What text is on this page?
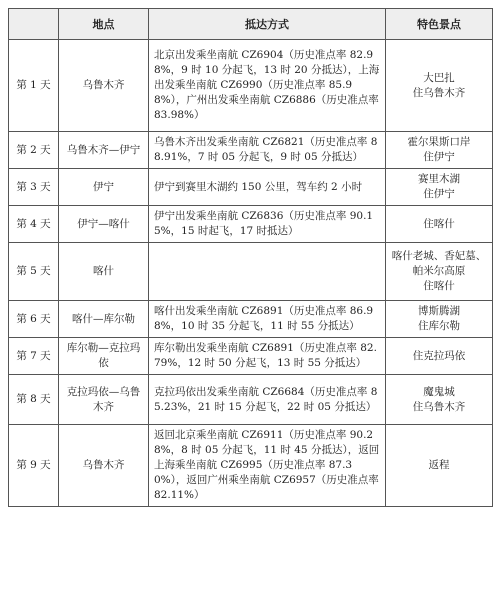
	地点	抵达方式	特色景点
第 1 天	乌鲁木齐	北京出发乘坐南航 CZ6904（历史准点率 82.98%，9 时 10 分起飞，13 时 20 分抵达），上海出发乘坐南航 CZ6990（历史准点率 85.98%），广州出发乘坐南航 CZ6886（历史准点率 83.98%）	大巴扎
住乌鲁木齐

第 2 天	乌鲁木齐—伊宁	乌鲁木齐出发乘坐南航 CZ6821（历史准点率 88.91%，7 时 05 分起飞，9 时 05 分抵达）	霍尔果斯口岸
住伊宁

第 3 天	伊宁	伊宁到赛里木湖约 150 公里，驾车约 2 小时	赛里木湖
住伊宁

第 4 天	伊宁—喀什	伊宁出发乘坐南航 CZ6836（历史准点率 90.15%，15 时起飞，17 时抵达）	住喀什

第 5 天	喀什		喀什老城、香妃墓、帕米尔高原
住喀什

第 6 天	喀什—库尔勒	喀什出发乘坐南航 CZ6891（历史准点率 86.98%，10 时 35 分起飞，11 时 55 分抵达）	博斯腾湖
住库尔勒

第 7 天	库尔勒—克拉玛依	库尔勒出发乘坐南航 CZ6891（历史准点率 82.79%，12 时 50 分起飞，13 时 55 分抵达）	住克拉玛依

第 8 天	克拉玛依—乌鲁木齐	克拉玛依出发乘坐南航 CZ6684（历史准点率 85.23%，21 时 15 分起飞，22 时 05 分抵达）	魔鬼城
住乌鲁木齐

第 9 天	乌鲁木齐	返回北京乘坐南航 CZ6911（历史准点率 90.28%，8 时 05 分起飞，11 时 45 分抵达），返回上海乘坐南航 CZ6995（历史准点率 87.30%），返回广州乘坐南航 CZ6957（历史准点率 82.11%）	返程
